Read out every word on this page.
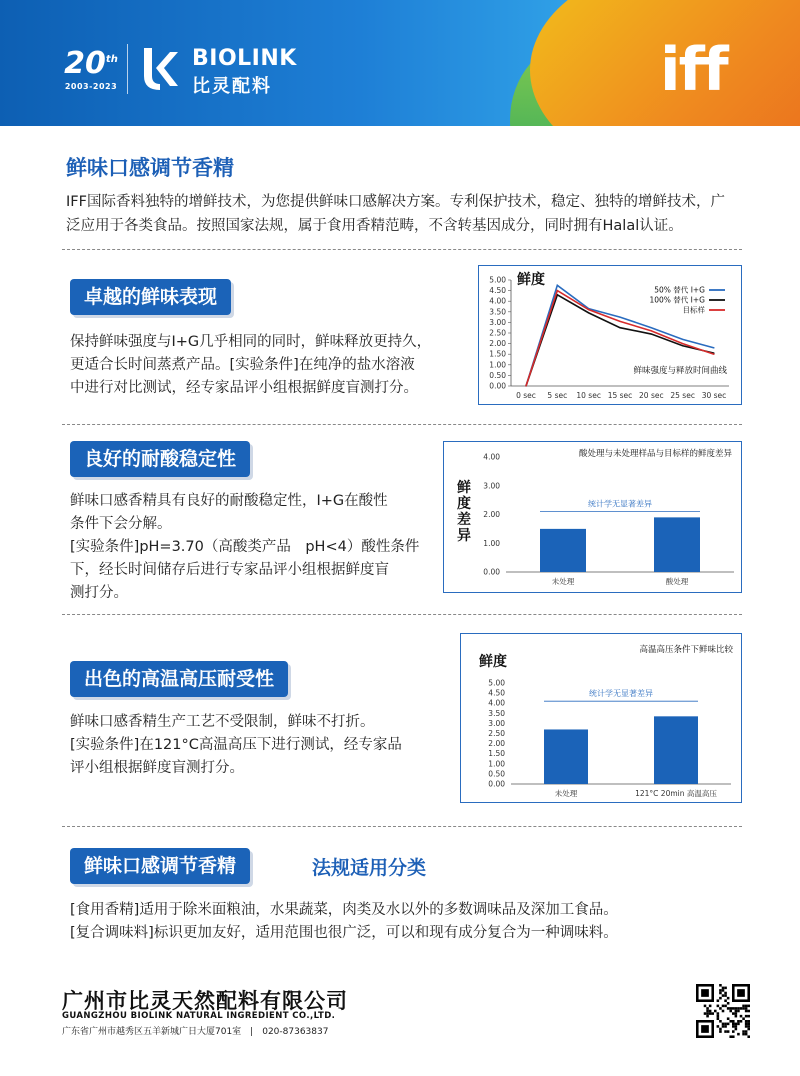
20th
2003-2023
BIOLINK
比灵配料	iff
鲜味口感调节香精
IFF国际香料独特的增鲜技术，为您提供鲜味口感解决方案。专利保护技术，稳定、独特的增鲜技术，广泛应用于各类食品。按照国家法规，属于食用香精范畴，不含转基因成分，同时拥有Halal认证。
卓越的鲜味表现
保持鲜味强度与I+G几乎相同的同时，鲜味释放更持久，
更适合长时间蒸煮产品。[实验条件]在纯净的盐水溶液
中进行对比测试，经专家品评小组根据鲜度盲测打分。	0.00
0.50
1.00
1.50
2.00
2.50
3.00
3.50
4.00
4.50
5.00
0 sec 5 sec 10 sec 15 sec 20 sec 25 sec 30 sec
鲜度
50% 替代 I+G
100% 替代 I+G
目标样
鲜味强度与释放时间曲线
良好的耐酸稳定性
鲜味口感香精具有良好的耐酸稳定性，I+G在酸性
条件下会分解。
[实验条件]pH=3.70（高酸类产品　pH<4）酸性条件
下，经长时间储存后进行专家品评小组根据鲜度盲
测打分。
0.00
1.00
2.00
3.00
4.00
未处理	酸处理
统计学无显著差异
酸处理与未处理样品与目标样的鲜度差异
鲜度差异
出色的高温高压耐受性
鲜味口感香精生产工艺不受限制，鲜味不打折。
[实验条件]在121°C高温高压下进行测试，经专家品
评小组根据鲜度盲测打分。
0.00
0.50
1.00
1.50
2.00
2.50
3.00
3.50
4.00
4.50
5.00
未处理	121°C 20min 高温高压
统计学无显著差异
高温高压条件下鲜味比较
鲜度
鲜味口感调节香精	法规适用分类
[食用香精]适用于除米面粮油，水果蔬菜，肉类及水以外的多数调味品及深加工食品。
[复合调味料]标识更加友好，适用范围也很广泛，可以和现有成分复合为一种调味料。
广州市比灵天然配料有限公司
GUANGZHOU BIOLINK NATURAL INGREDIENT CO.,LTD.
广东省广州市越秀区五羊新城广日大厦701室　|　020-87363837
